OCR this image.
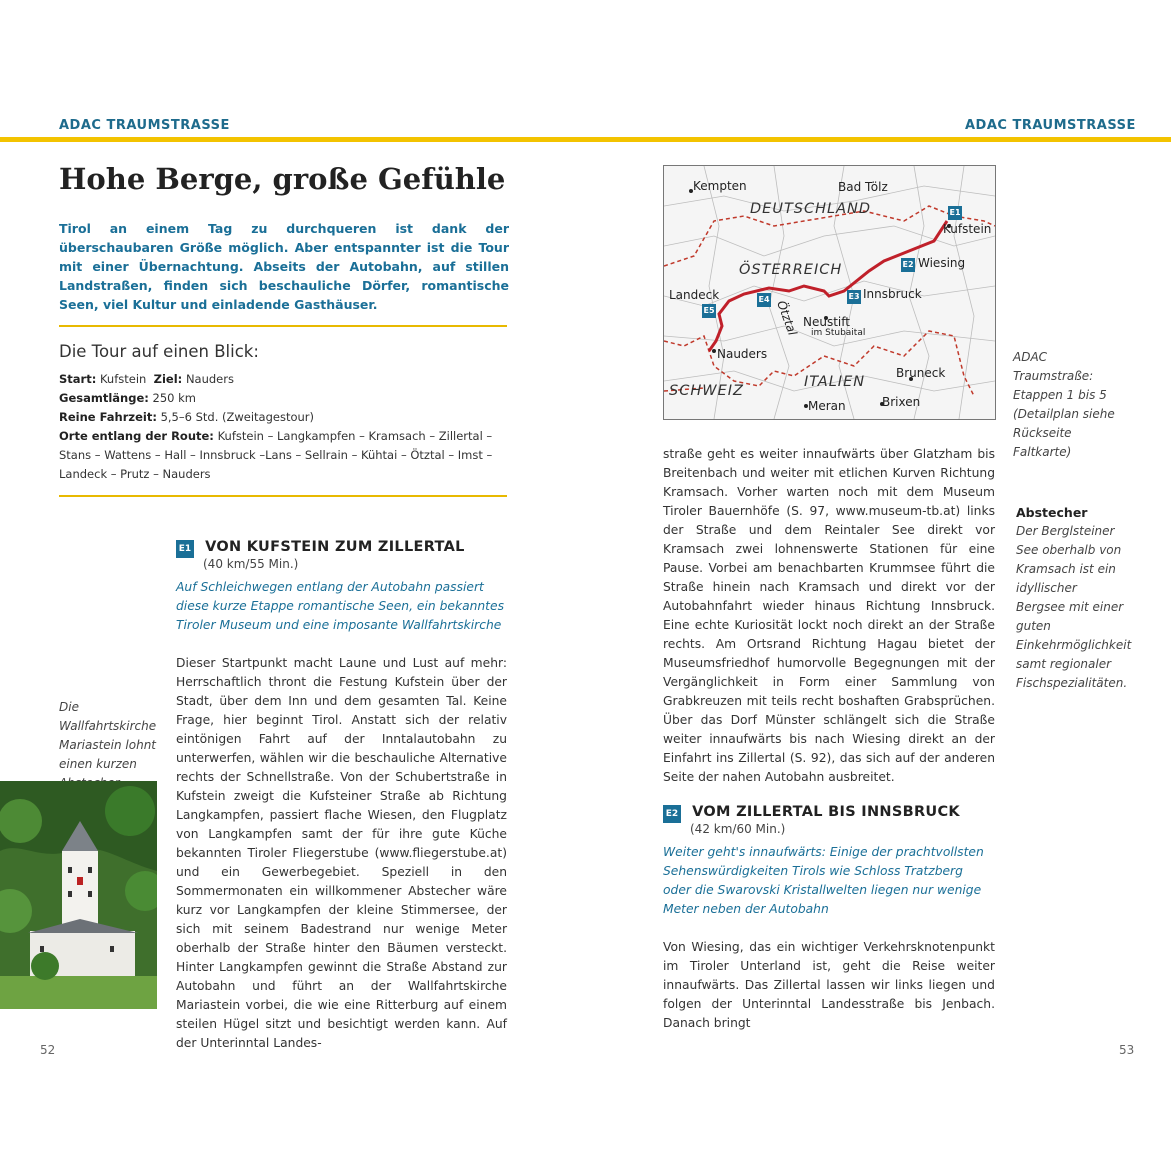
ADAC TRAUMSTRASSE	ADAC TRAUMSTRASSE
Hohe Berge, große Gefühle
Tirol an einem Tag zu durchqueren ist dank der überschaubaren Größe möglich. Aber entspannter ist die Tour mit einer Übernachtung. Abseits der Autobahn, auf stillen Landstraßen, finden sich beschauliche Dörfer, romantische Seen, viel Kultur und einladende Gasthäuser.
Die Tour auf einen Blick:
Start: Kufstein Ziel: Nauders
Gesamtlänge: 250 km
Reine Fahrzeit: 5,5–6 Std. (Zweitagestour)
Orte entlang der Route: Kufstein – Langkampfen – Kramsach – Zillertal – Stans – Wattens – Hall – Innsbruck –Lans – Sellrain – Kühtai – Ötztal – Imst – Landeck – Prutz – Nauders
E1 VON KUFSTEIN ZUM ZILLERTAL
(40 km/55 Min.)
Auf Schleichwegen entlang der Autobahn passiert diese kurze Etappe romantische Seen, ein bekanntes Tiroler Museum und eine imposante Wallfahrtskirche
Dieser Startpunkt macht Laune und Lust auf mehr: Herrschaftlich thront die Festung Kufstein über der Stadt, über dem Inn und dem gesamten Tal. Keine Frage, hier beginnt Tirol. Anstatt sich der relativ eintönigen Fahrt auf der Inntalautobahn zu unterwerfen, wählen wir die beschauliche Alternative rechts der Schnellstraße. Von der Schubertstraße in Kufstein zweigt die Kufsteiner Straße ab Richtung Langkampfen, passiert flache Wiesen, den Flugplatz von Langkampfen samt der für ihre gute Küche bekannten Tiroler Fliegerstube (www.fliegerstube.at) und ein Gewerbegebiet. Speziell in den Sommermonaten ein willkommener Abstecher wäre kurz vor Langkampfen der kleine Stimmersee, der sich mit seinem Badestrand nur wenige Meter oberhalb der Straße hinter den Bäumen versteckt. Hinter Langkampfen gewinnt die Straße Abstand zur Autobahn und führt an der Wallfahrtskirche Mariastein vorbei, die wie eine Ritterburg auf einem steilen Hügel sitzt und besichtigt werden kann. Auf der Unterinntal Landes-
Die Wallfahrtskirche Mariastein lohnt einen kurzen
52
Kempten	Bad Tölz
Kufstein
Wiesing
Innsbruck
Landeck
Neustift
im Stubaital
Nauders
Bruneck
Brixen
Meran
DEUTSCHLAND
ÖSTERREICH
SCHWEIZ
ITALIEN
Ötztal
E1
E2
E3
E4
E5
ADAC Traumstraße: Etappen 1 bis 5 (Detailplan siehe Rückseite Faltkarte)
straße geht es weiter innaufwärts über Glatzham bis Breitenbach und weiter mit etlichen Kurven Richtung Kramsach. Vorher warten noch mit dem Museum Tiroler Bauernhöfe (S. 97, www.museum-tb.at) links der Straße und dem Reintaler See direkt vor Kramsach zwei lohnenswerte Stationen für eine Pause. Vorbei am benachbarten Krummsee führt die Straße hinein nach Kramsach und direkt vor der Autobahnfahrt wieder hinaus Richtung Innsbruck. Eine echte Kuriosität lockt noch direkt an der Straße rechts. Am Ortsrand Richtung Hagau bietet der Museumsfriedhof humorvolle Begegnungen mit der Vergänglichkeit in Form einer Sammlung von Grabkreuzen mit teils recht boshaften Grabsprüchen. Über das Dorf Münster schlängelt sich die Straße weiter innaufwärts bis nach Wiesing direkt an der Einfahrt ins Zillertal (S. 92), das sich auf der anderen Seite der nahen Autobahn ausbreitet.
Abstecher
Der Berglsteiner See oberhalb von Kramsach ist ein idyllischer Bergsee mit einer guten Einkehrmöglichkeit samt regionaler Fischspezialitäten.
E2 VOM ZILLERTAL BIS INNSBRUCK
(42 km/60 Min.)
Weiter geht's innaufwärts: Einige der prachtvollsten Sehenswürdigkeiten Tirols wie Schloss Tratzberg oder die Swarovski Kristallwelten liegen nur wenige Meter neben der Autobahn
Von Wiesing, das ein wichtiger Verkehrsknotenpunkt im Tiroler Unterland ist, geht die Reise weiter innaufwärts. Das Zillertal lassen wir links liegen und folgen der Unterinntal Landesstraße bis Jenbach. Danach bringt
53
